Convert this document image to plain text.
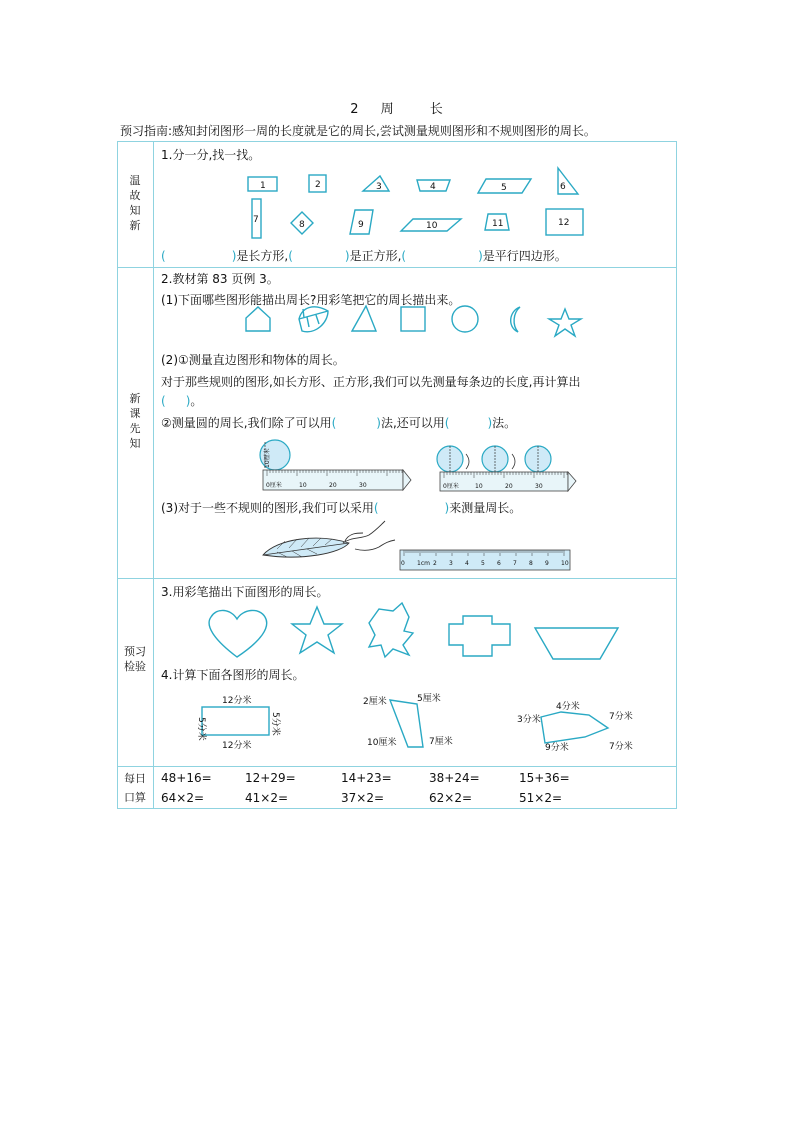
2 周	长
预习指南:感知封闭图形一周的长度就是它的周长,尝试测量规则图形和不规则图形的周长。
温故知新
新课先知
预习检验
每日口算
1.分一分,找一找。
1	2	3	4	5	6
7	8	9	10	11	12
(	)是长方形,(	)是正方形,(	)是平行四边形。
2.教材第 83 页例 3。
(1)下面哪些图形能描出周长?用彩笔把它的周长描出来。
(2)①测量直边图形和物体的周长。
对于那些规则的图形,如长方形、正方形,我们可以先测量每条边的长度,再计算出
( )。
②测量圆的周长,我们除了可以用(	)法,还可以用(	)法。
10厘米
0厘米	10	20	30	0厘米	10	20	30
(3)对于一些不规则的图形,我们可以采用(	)来测量周长。
0 1cm 2 3 4 5 6 7 8 9 10
3.用彩笔描出下面图形的周长。
4.计算下面各图形的周长。
12分米
12分米
5分米	5分米
2厘米	5厘米
10厘米	7厘米
4分米
7分米
3分米
9分米	7分米
48+16=	12+29=	14+23=	38+24=	15+36=
64×2=	41×2=	37×2=	62×2=	51×2=
